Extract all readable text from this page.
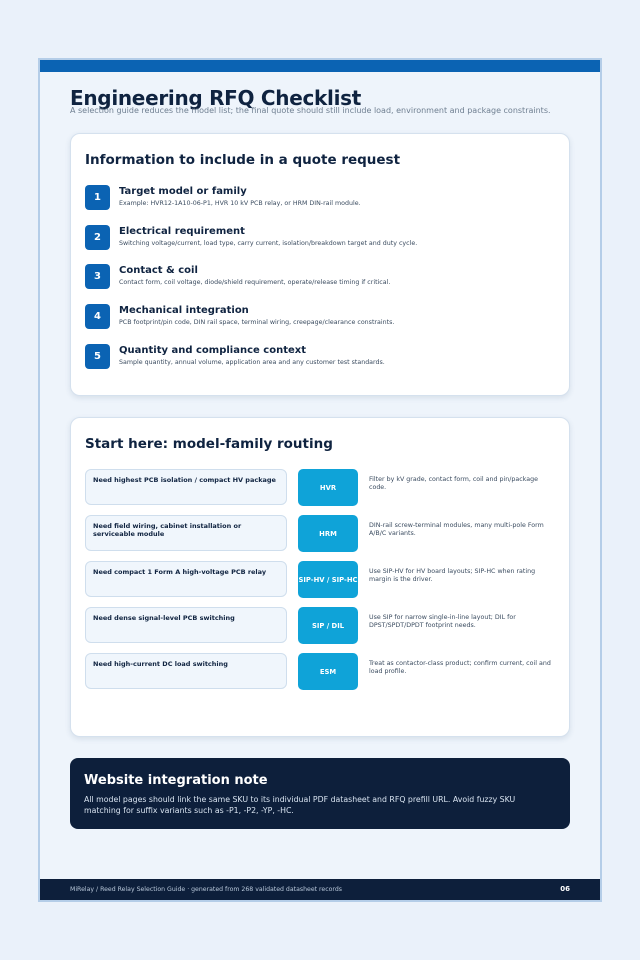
Engineering RFQ Checklist

A selection guide reduces the model list; the final quote should still include load, environment and package constraints.

Information to include in a quote request
1
Target model or family
Example: HVR12-1A10-06-P1, HVR 10 kV PCB relay, or HRM DIN-rail module.
2
Electrical requirement
Switching voltage/current, load type, carry current, isolation/breakdown target and duty cycle.
3
Contact & coil
Contact form, coil voltage, diode/shield requirement, operate/release timing if critical.
4
Mechanical integration
PCB footprint/pin code, DIN rail space, terminal wiring, creepage/clearance constraints.
5
Quantity and compliance context
Sample quantity, annual volume, application area and any customer test standards.
Start here: model-family routing
Need highest PCB isolation / compact HV package
HVR
Filter by kV grade, contact form, coil and pin/package code.
Need field wiring, cabinet installation or serviceable module	HRM
DIN-rail screw-terminal modules, many multi-pole Form A/B/C variants.
Need compact 1 Form A high-voltage PCB relay
SIP-HV / SIP-HC
Use SIP-HV for HV board layouts; SIP-HC when rating margin is the driver.
Need dense signal-level PCB switching
SIP / DIL
Use SIP for narrow single-in-line layout; DIL for DPST/SPDT/DPDT footprint needs.
Need high-current DC load switching
ESM
Treat as contactor-class product; confirm current, coil and load profile.
Website integration note

All model pages should link the same SKU to its individual PDF datasheet and RFQ prefill URL. Avoid fuzzy SKU matching for suffix variants such as -P1, -P2, -YP, -HC.

MiRelay / Reed Relay Selection Guide · generated from 268 validated datasheet records	06
